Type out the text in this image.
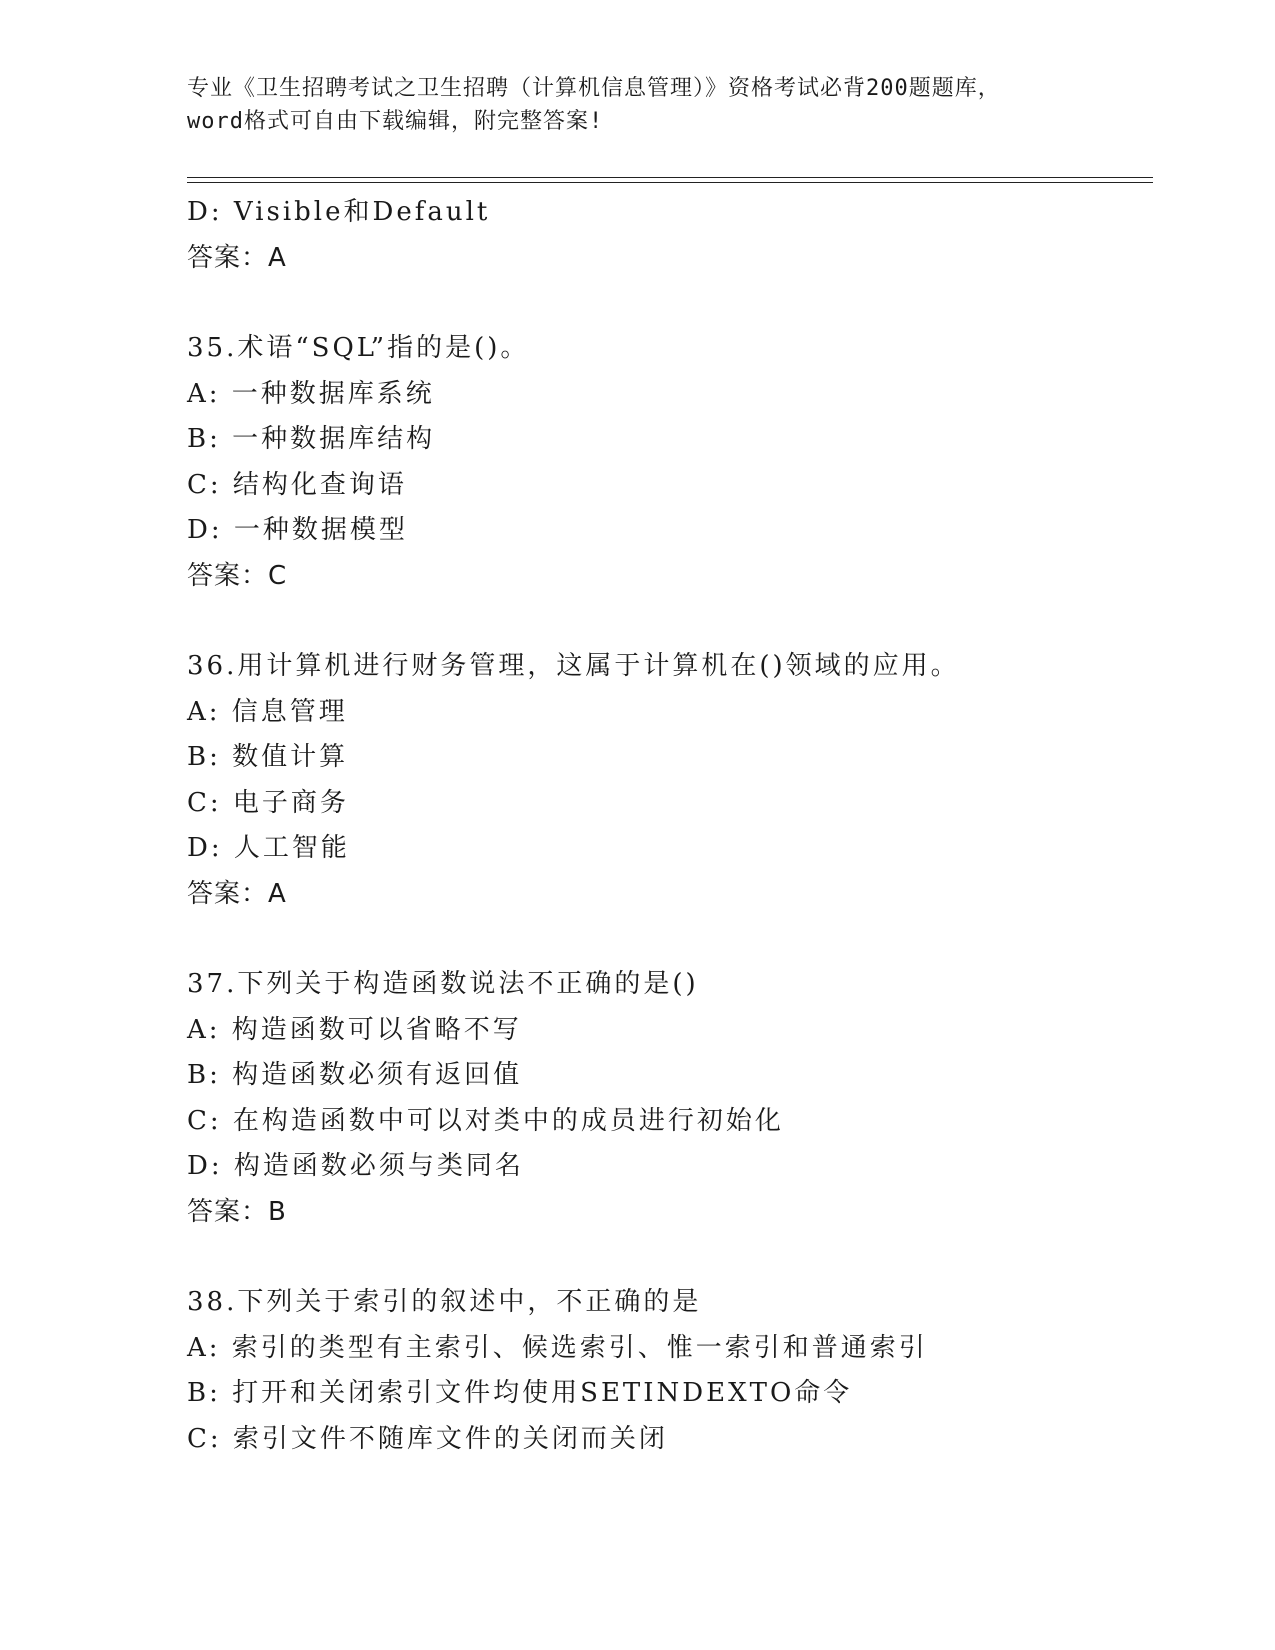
专业《卫生招聘考试之卫生招聘（计算机信息管理）》资格考试必背200题题库，
word格式可自由下载编辑，附完整答案!
D: Visible和Default
答案：A
35.术语“SQL”指的是()。
A: 一种数据库系统
B: 一种数据库结构
C: 结构化查询语
D: 一种数据模型
答案：C
36.用计算机进行财务管理，这属于计算机在()领域的应用。
A: 信息管理
B: 数值计算
C: 电子商务
D: 人工智能
答案：A
37.下列关于构造函数说法不正确的是()
A: 构造函数可以省略不写
B: 构造函数必须有返回值
C: 在构造函数中可以对类中的成员进行初始化
D: 构造函数必须与类同名
答案：B
38.下列关于索引的叙述中，不正确的是
A: 索引的类型有主索引、候选索引、惟一索引和普通索引
B: 打开和关闭索引文件均使用SETINDEXTO命令
C: 索引文件不随库文件的关闭而关闭
